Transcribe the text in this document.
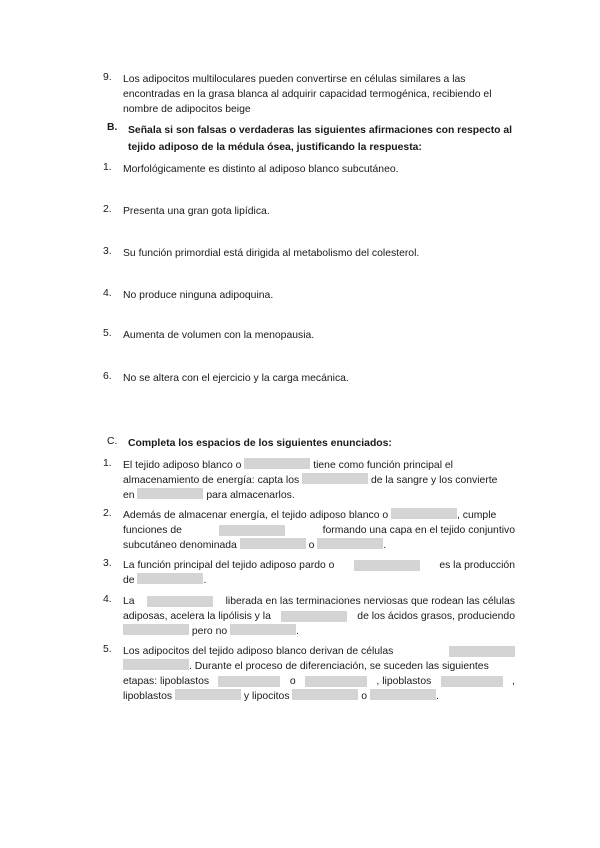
9. Los adipocitos multiloculares pueden convertirse en células similares a las
encontradas en la grasa blanca al adquirir capacidad termogénica, recibiendo el
nombre de adipocitos beige
B. Señala si son falsas o verdaderas las siguientes afirmaciones con respecto al
tejido adiposo de la médula ósea, justificando la respuesta:
1. Morfológicamente es distinto al adiposo blanco subcutáneo.
2. Presenta una gran gota lipídica.
3. Su función primordial está dirigida al metabolismo del colesterol.
4. No produce ninguna adipoquina.
5. Aumenta de volumen con la menopausia.
6. No se altera con el ejercicio y la carga mecánica.
C. Completa los espacios de los siguientes enunciados:
1. El tejido adiposo blanco o	tiene como función principal el
almacenamiento de energía: capta los	de la sangre y los convierte
en	para almacenarlos.
2. Además de almacenar energía, el tejido adiposo blanco o	, cumple
funciones de	formando una capa en el tejido conjuntivo
subcutáneo denominada	o	.
3. La función principal del tejido adiposo pardo o	es la producción
de	.
4. La	liberada en las terminaciones nerviosas que rodean las células
adiposas, acelera la lipólisis y la	de los ácidos grasos, produciendo
pero no	.
5. Los adipocitos del tejido adiposo blanco derivan de células
. Durante el proceso de diferenciación, se suceden las siguientes
etapas: lipoblastos	o	, lipoblastos	,
lipoblastos	y lipocitos	o	.
